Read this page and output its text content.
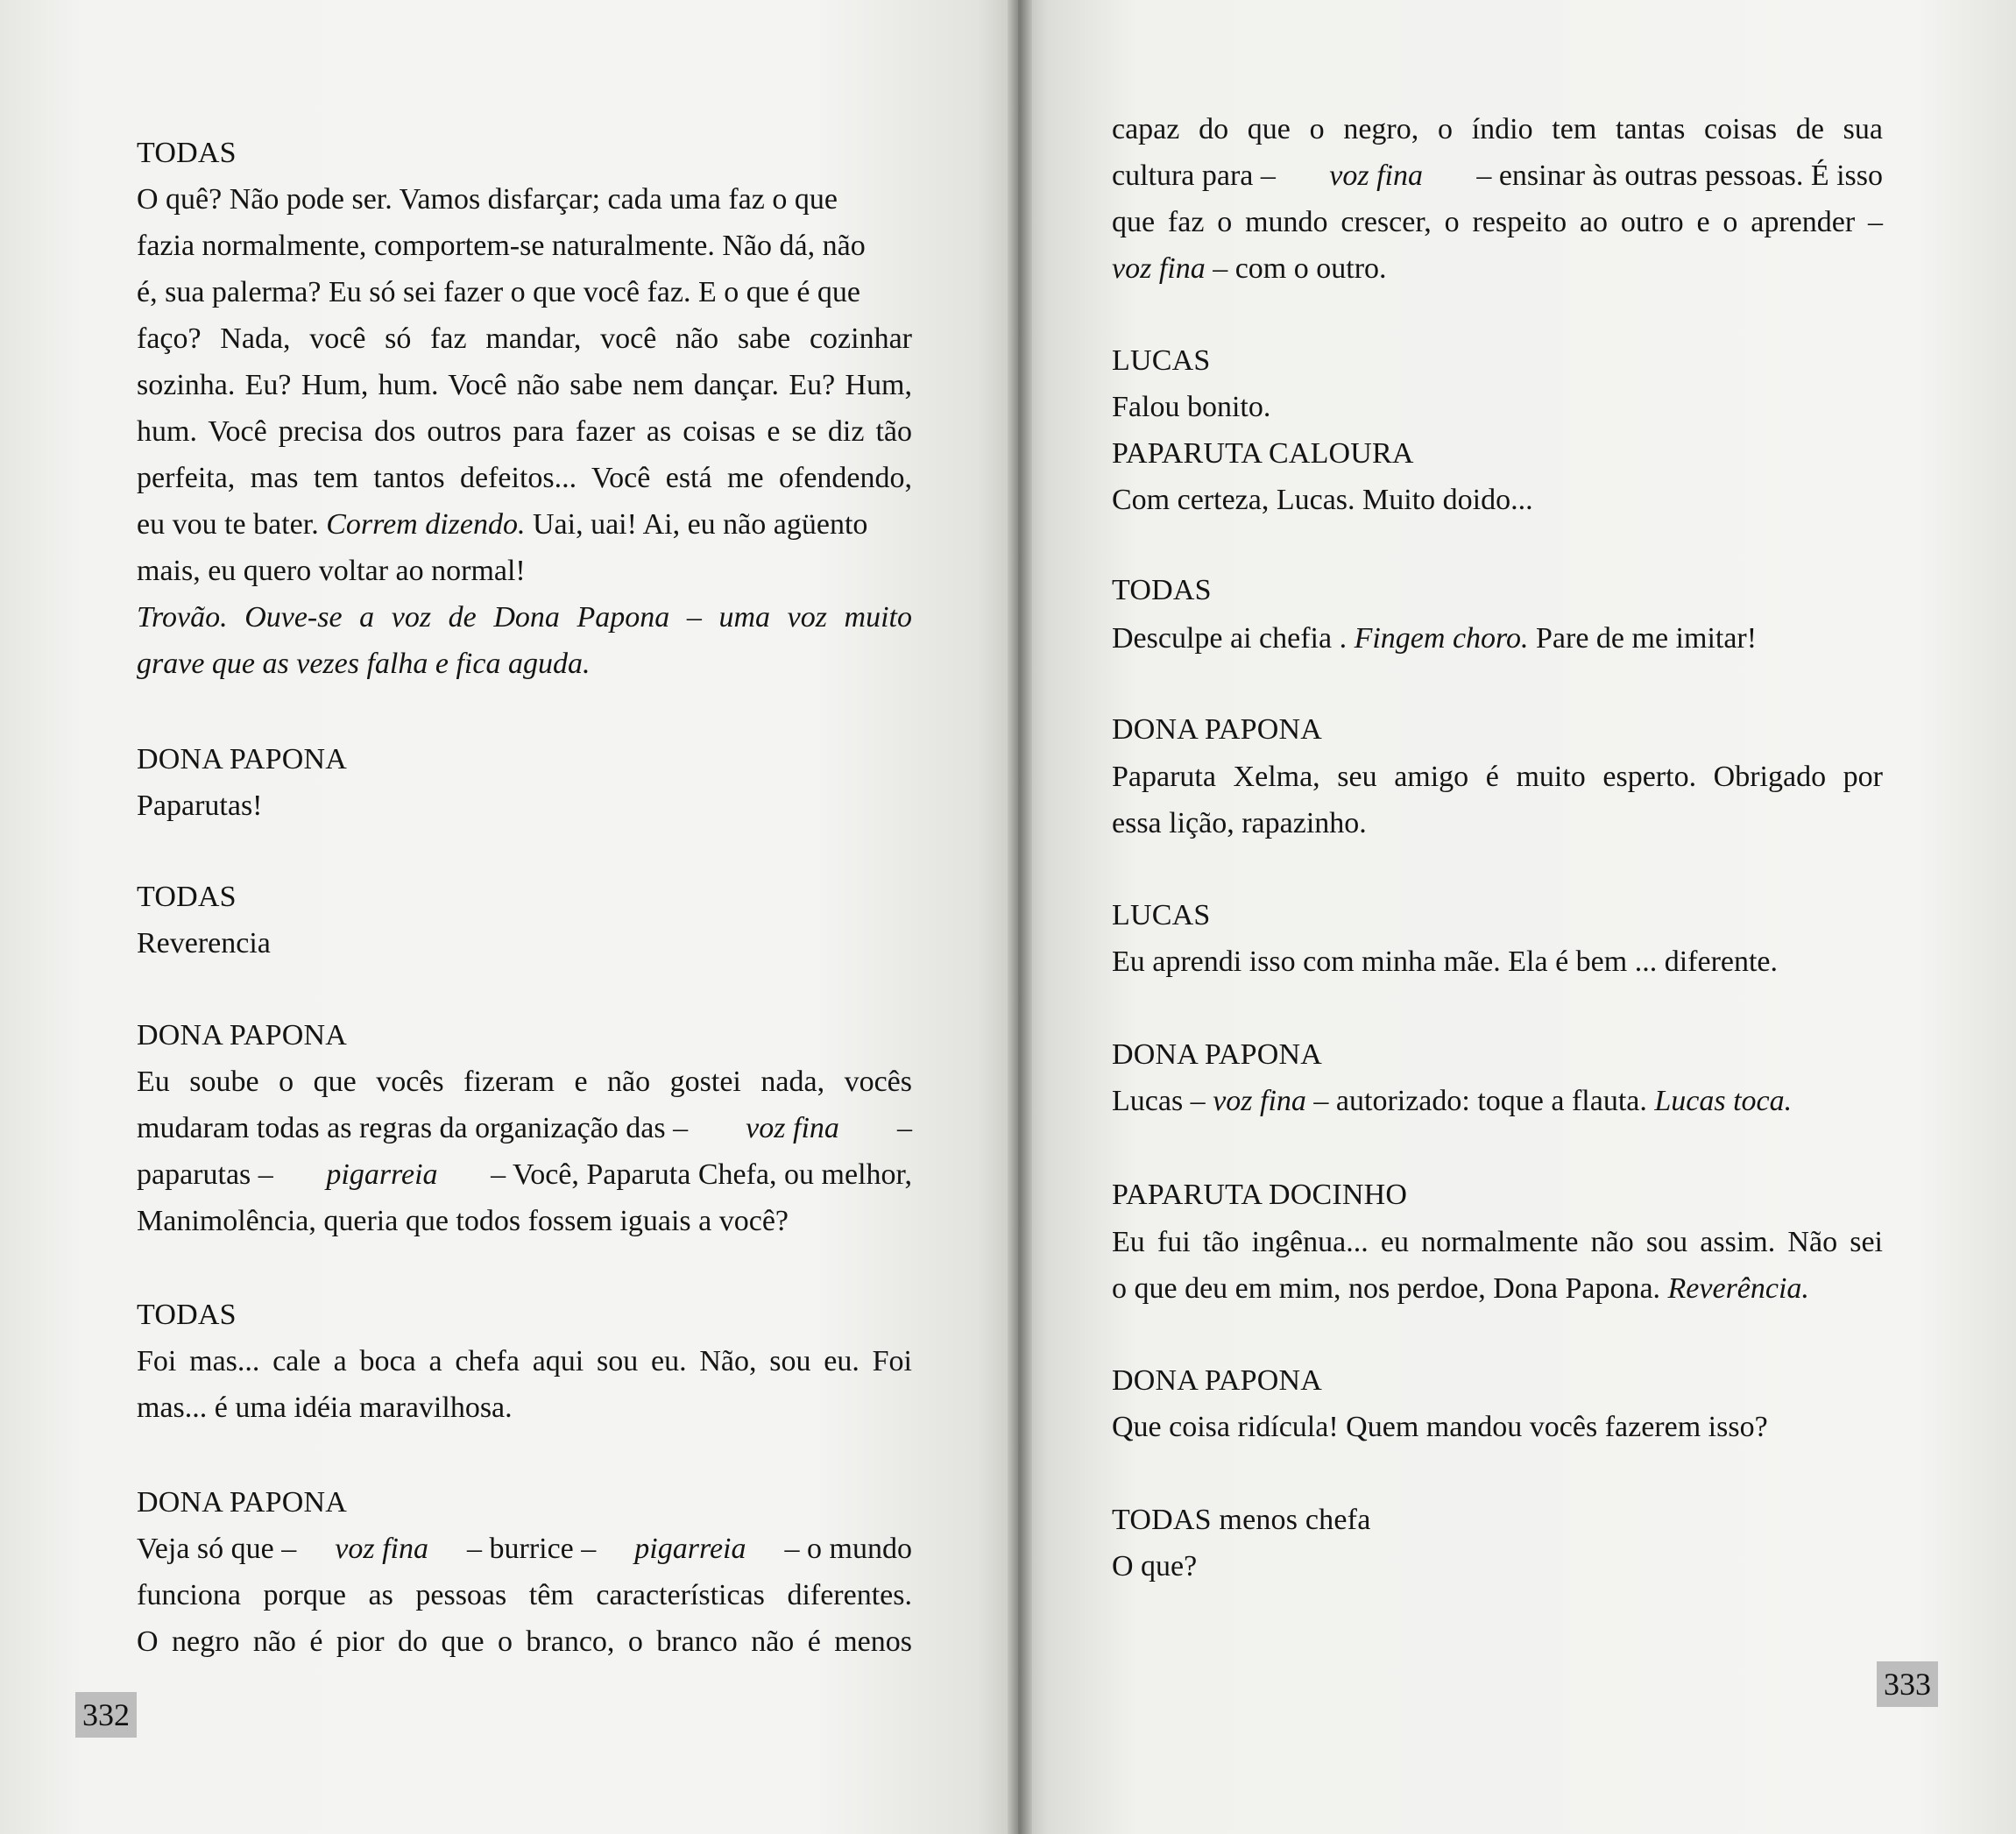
TODAS
O quê? Não pode ser. Vamos disfarçar; cada uma faz o que
fazia normalmente, comportem-se naturalmente. Não dá, não
é, sua palerma? Eu só sei fazer o que você faz. E o que é que
faço? Nada, você só faz mandar, você não sabe cozinhar
sozinha. Eu? Hum, hum. Você não sabe nem dançar. Eu? Hum,
hum. Você precisa dos outros para fazer as coisas e se diz tão
perfeita, mas tem tantos defeitos... Você está me ofendendo,
eu vou te bater. Correm dizendo. Uai, uai! Ai, eu não agüento
mais, eu quero voltar ao normal!
Trovão. Ouve-se a voz de Dona Papona – uma voz muito
grave que as vezes falha e fica aguda.
DONA PAPONA
Paparutas!
TODAS
Reverencia
DONA PAPONA
Eu soube o que vocês fizeram e não gostei nada, vocês
mudaram todas as regras da organização das – voz fina –
paparutas – pigarreia – Você, Paparuta Chefa, ou melhor,
Manimolência, queria que todos fossem iguais a você?
TODAS
Foi mas... cale a boca a chefa aqui sou eu. Não, sou eu. Foi
mas... é uma idéia maravilhosa.
DONA PAPONA
Veja só que – voz fina – burrice – pigarreia – o mundo
funciona porque as pessoas têm características diferentes.
O negro não é pior do que o branco, o branco não é menos
332
capaz do que o negro, o índio tem tantas coisas de sua
cultura para – voz fina – ensinar às outras pessoas. É isso
que faz o mundo crescer, o respeito ao outro e o aprender –
voz fina – com o outro.
LUCAS
Falou bonito.
PAPARUTA CALOURA
Com certeza, Lucas. Muito doido...
TODAS
Desculpe ai chefia . Fingem choro. Pare de me imitar!
DONA PAPONA
Paparuta Xelma, seu amigo é muito esperto. Obrigado por
essa lição, rapazinho.
LUCAS
Eu aprendi isso com minha mãe. Ela é bem ... diferente.
DONA PAPONA
Lucas – voz fina – autorizado: toque a flauta. Lucas toca.
PAPARUTA DOCINHO
Eu fui tão ingênua... eu normalmente não sou assim. Não sei
o que deu em mim, nos perdoe, Dona Papona. Reverência.
DONA PAPONA
Que coisa ridícula! Quem mandou vocês fazerem isso?
TODAS menos chefa
O que?
333
